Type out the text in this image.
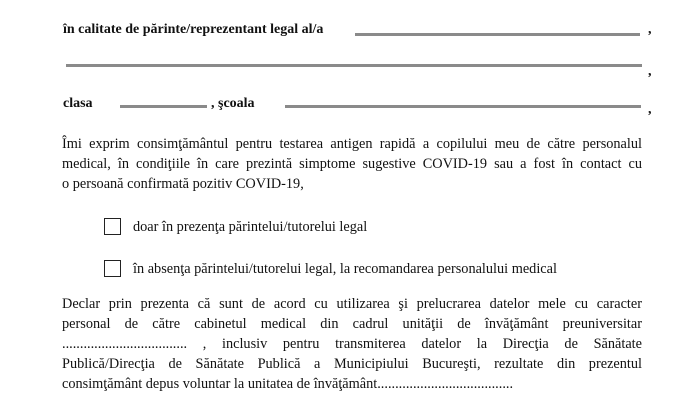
în calitate de părinte/reprezentant legal al/a	,
,
clasa	, şcoala	,
Îmi exprim consimţământul pentru testarea antigen rapidă a copilului meu de către personalul
medical, în condiţiile în care prezintă simptome sugestive COVID-19 sau a fost în contact cu
o persoană confirmată pozitiv COVID-19,
doar în prezenţa părintelui/tutorelui legal
în absenţa părintelui/tutorelui legal, la recomandarea personalului medical
Declar prin prezenta că sunt de acord cu utilizarea şi prelucrarea datelor mele cu caracter
personal de către cabinetul medical din cadrul unităţii de învăţământ preuniversitar
................................... , inclusiv pentru transmiterea datelor la Direcţia de Sănătate
Publică/Direcţia de Sănătate Publică a Municipiului Bucureşti, rezultate din prezentul
consimţământ depus voluntar la unitatea de învăţământ......................................
